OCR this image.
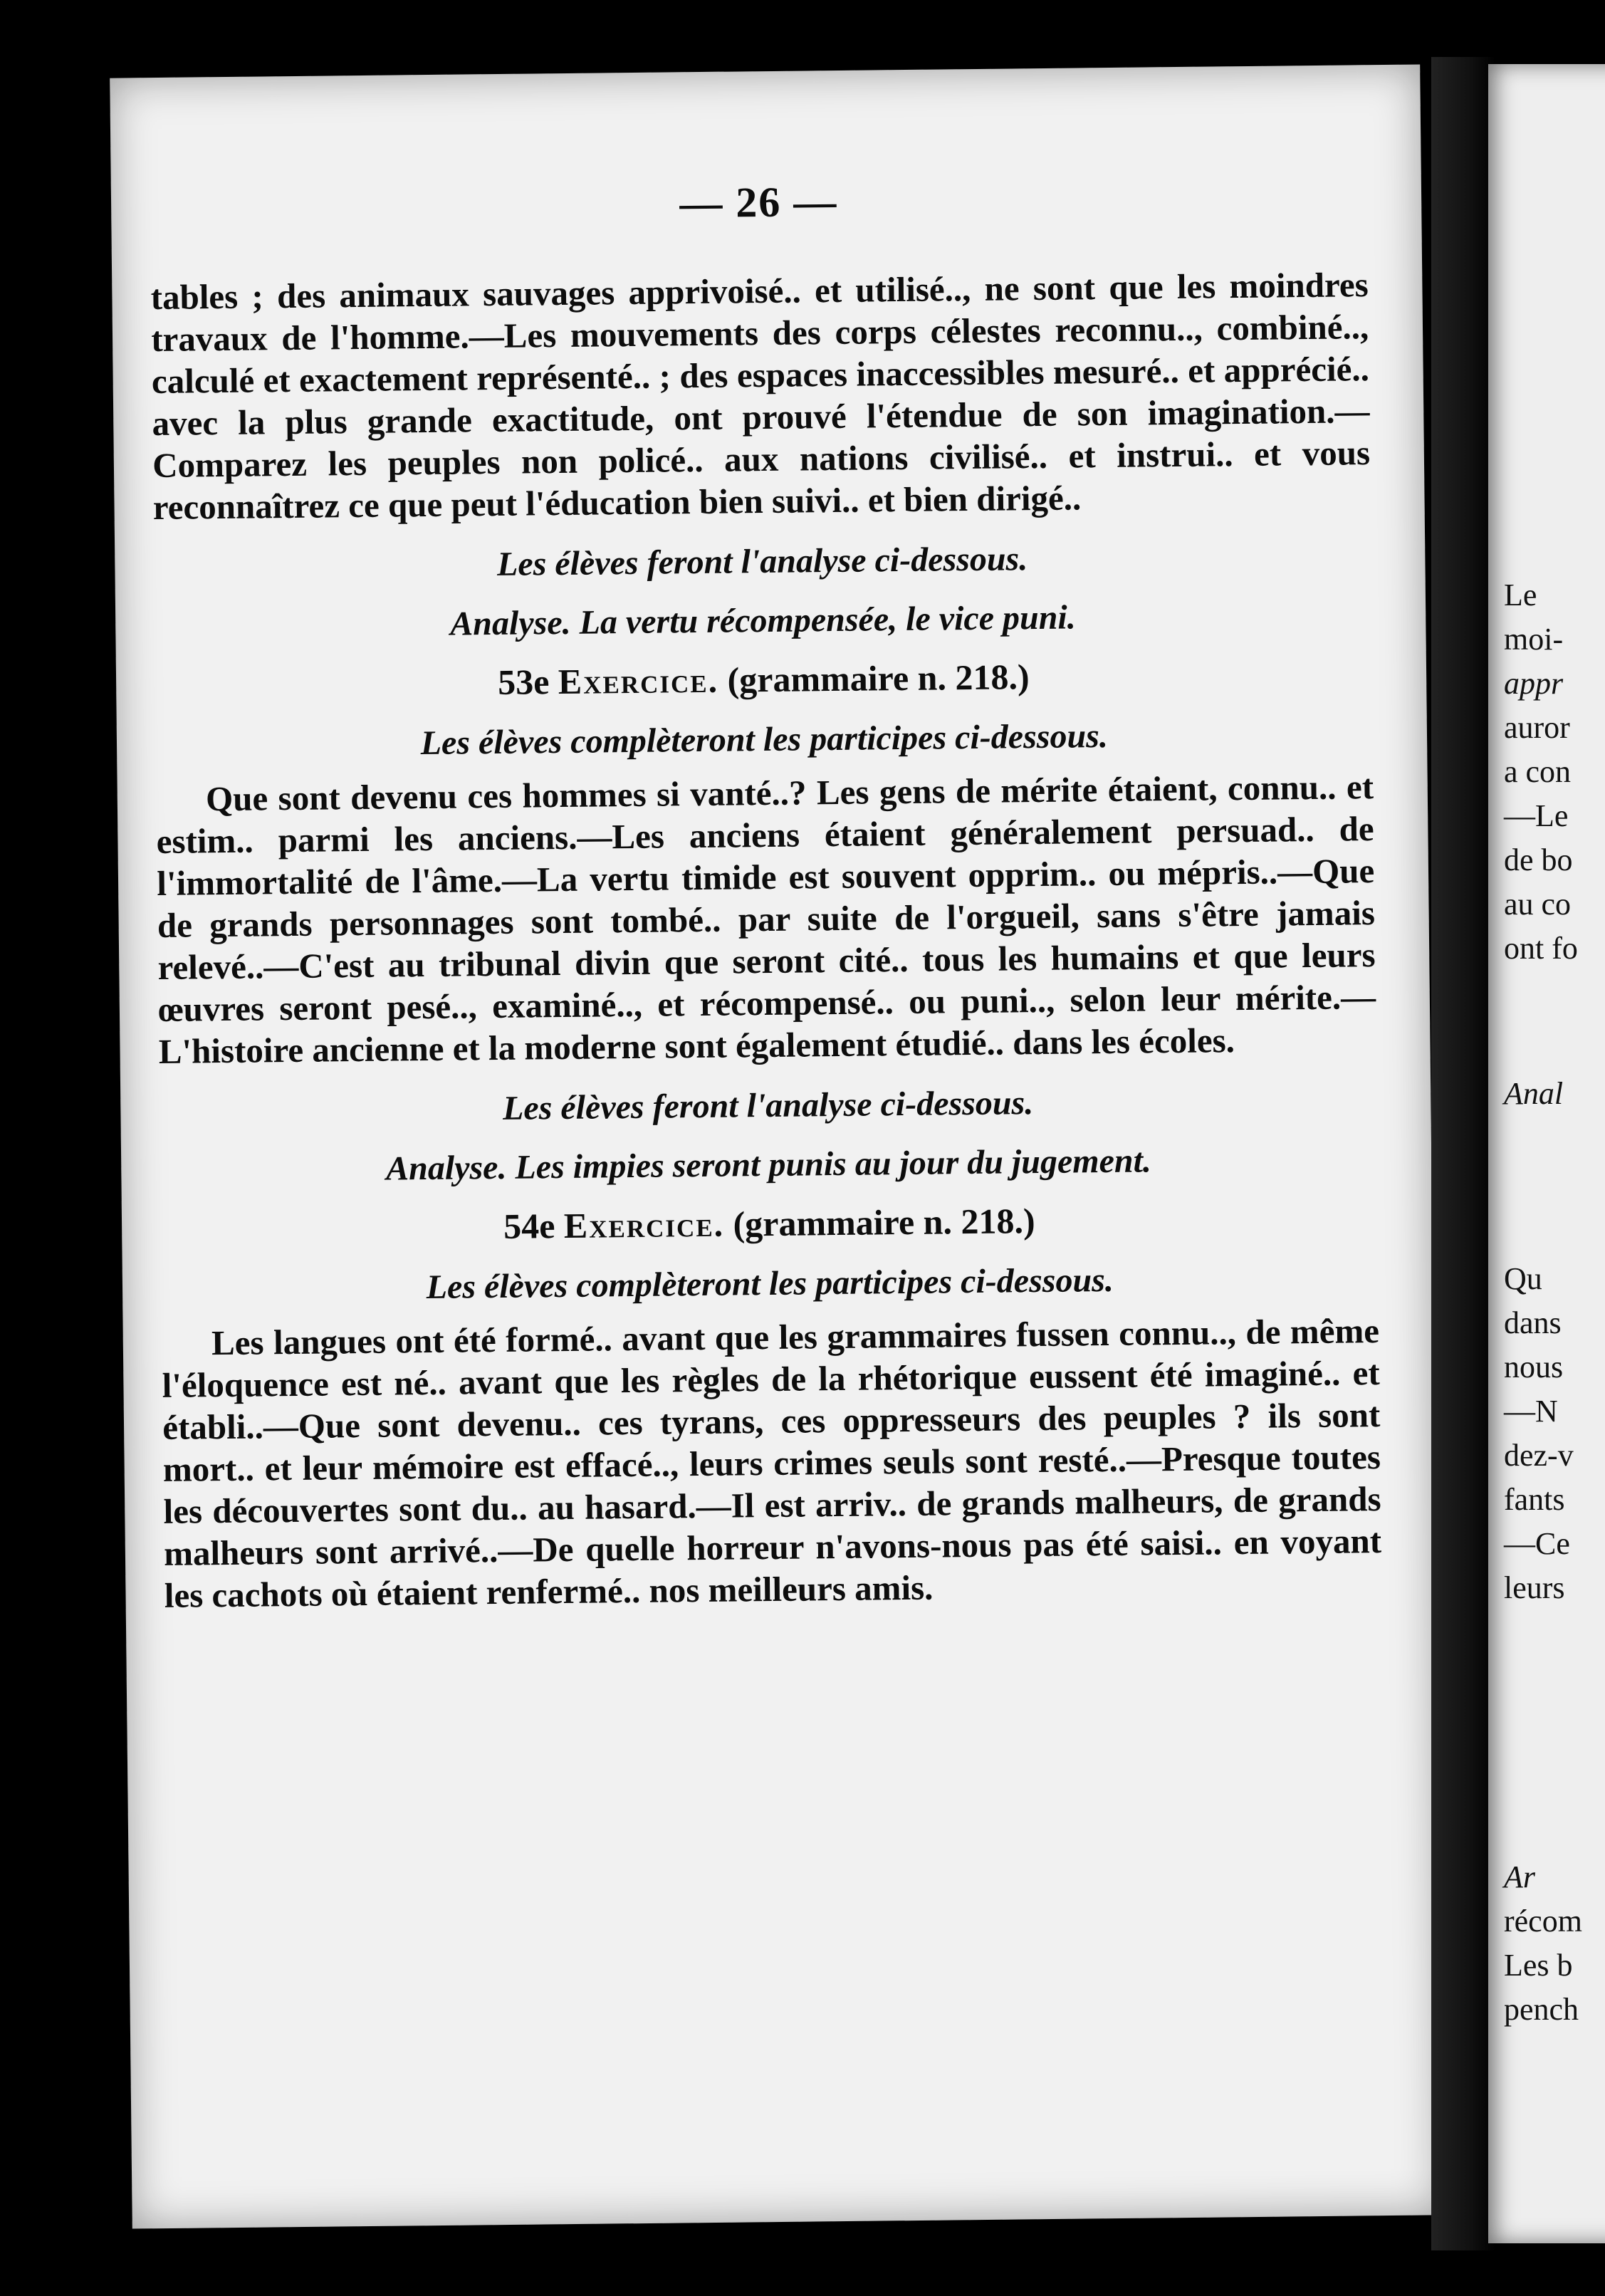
Le
moi-
appr
auror
a con
—Le
de bo
au co
ont fo
Anal
Qu
dans
nous
—N
dez-v
fants
—Ce
leurs
Ar
récom
Les b
pench
— 26 —

tables ; des animaux sauvages apprivoisé.. et utilisé.., ne sont que les moindres travaux de l'homme.—Les mouvements des corps célestes reconnu.., combiné.., calculé et exactement représenté.. ; des espaces inaccessibles mesuré.. et apprécié.. avec la plus grande exactitude, ont prouvé l'étendue de son imagination.—Comparez les peuples non policé.. aux nations civilisé.. et instrui.. et vous reconnaîtrez ce que peut l'éducation bien suivi.. et bien dirigé..

Les élèves feront l'analyse ci-dessous.
Analyse. La vertu récompensée, le vice puni.
53e Exercice. (grammaire n. 218.)
Les élèves complèteront les participes ci-dessous.

Que sont devenu ces hommes si vanté..? Les gens de mérite étaient, connu.. et estim.. parmi les anciens.—Les anciens étaient généralement persuad.. de l'immortalité de l'âme.—La vertu timide est souvent opprim.. ou mépris..—Que de grands personnages sont tombé.. par suite de l'orgueil, sans s'être jamais relevé..—C'est au tribunal divin que seront cité.. tous les humains et que leurs œuvres seront pesé.., examiné.., et récompensé.. ou puni.., selon leur mérite.—L'histoire ancienne et la moderne sont également étudié.. dans les écoles.

Les élèves feront l'analyse ci-dessous.
Analyse. Les impies seront punis au jour du jugement.
54e Exercice. (grammaire n. 218.)
Les élèves complèteront les participes ci-dessous.

Les langues ont été formé.. avant que les grammaires fussen connu.., de même l'éloquence est né.. avant que les règles de la rhétorique eussent été imaginé.. et établi..—Que sont devenu.. ces tyrans, ces oppresseurs des peuples ? ils sont mort.. et leur mémoire est effacé.., leurs crimes seuls sont resté..—Presque toutes les découvertes sont du.. au hasard.—Il est arriv.. de grands malheurs, de grands malheurs sont arrivé..—De quelle horreur n'avons-nous pas été saisi.. en voyant les cachots où étaient renfermé.. nos meilleurs amis.
